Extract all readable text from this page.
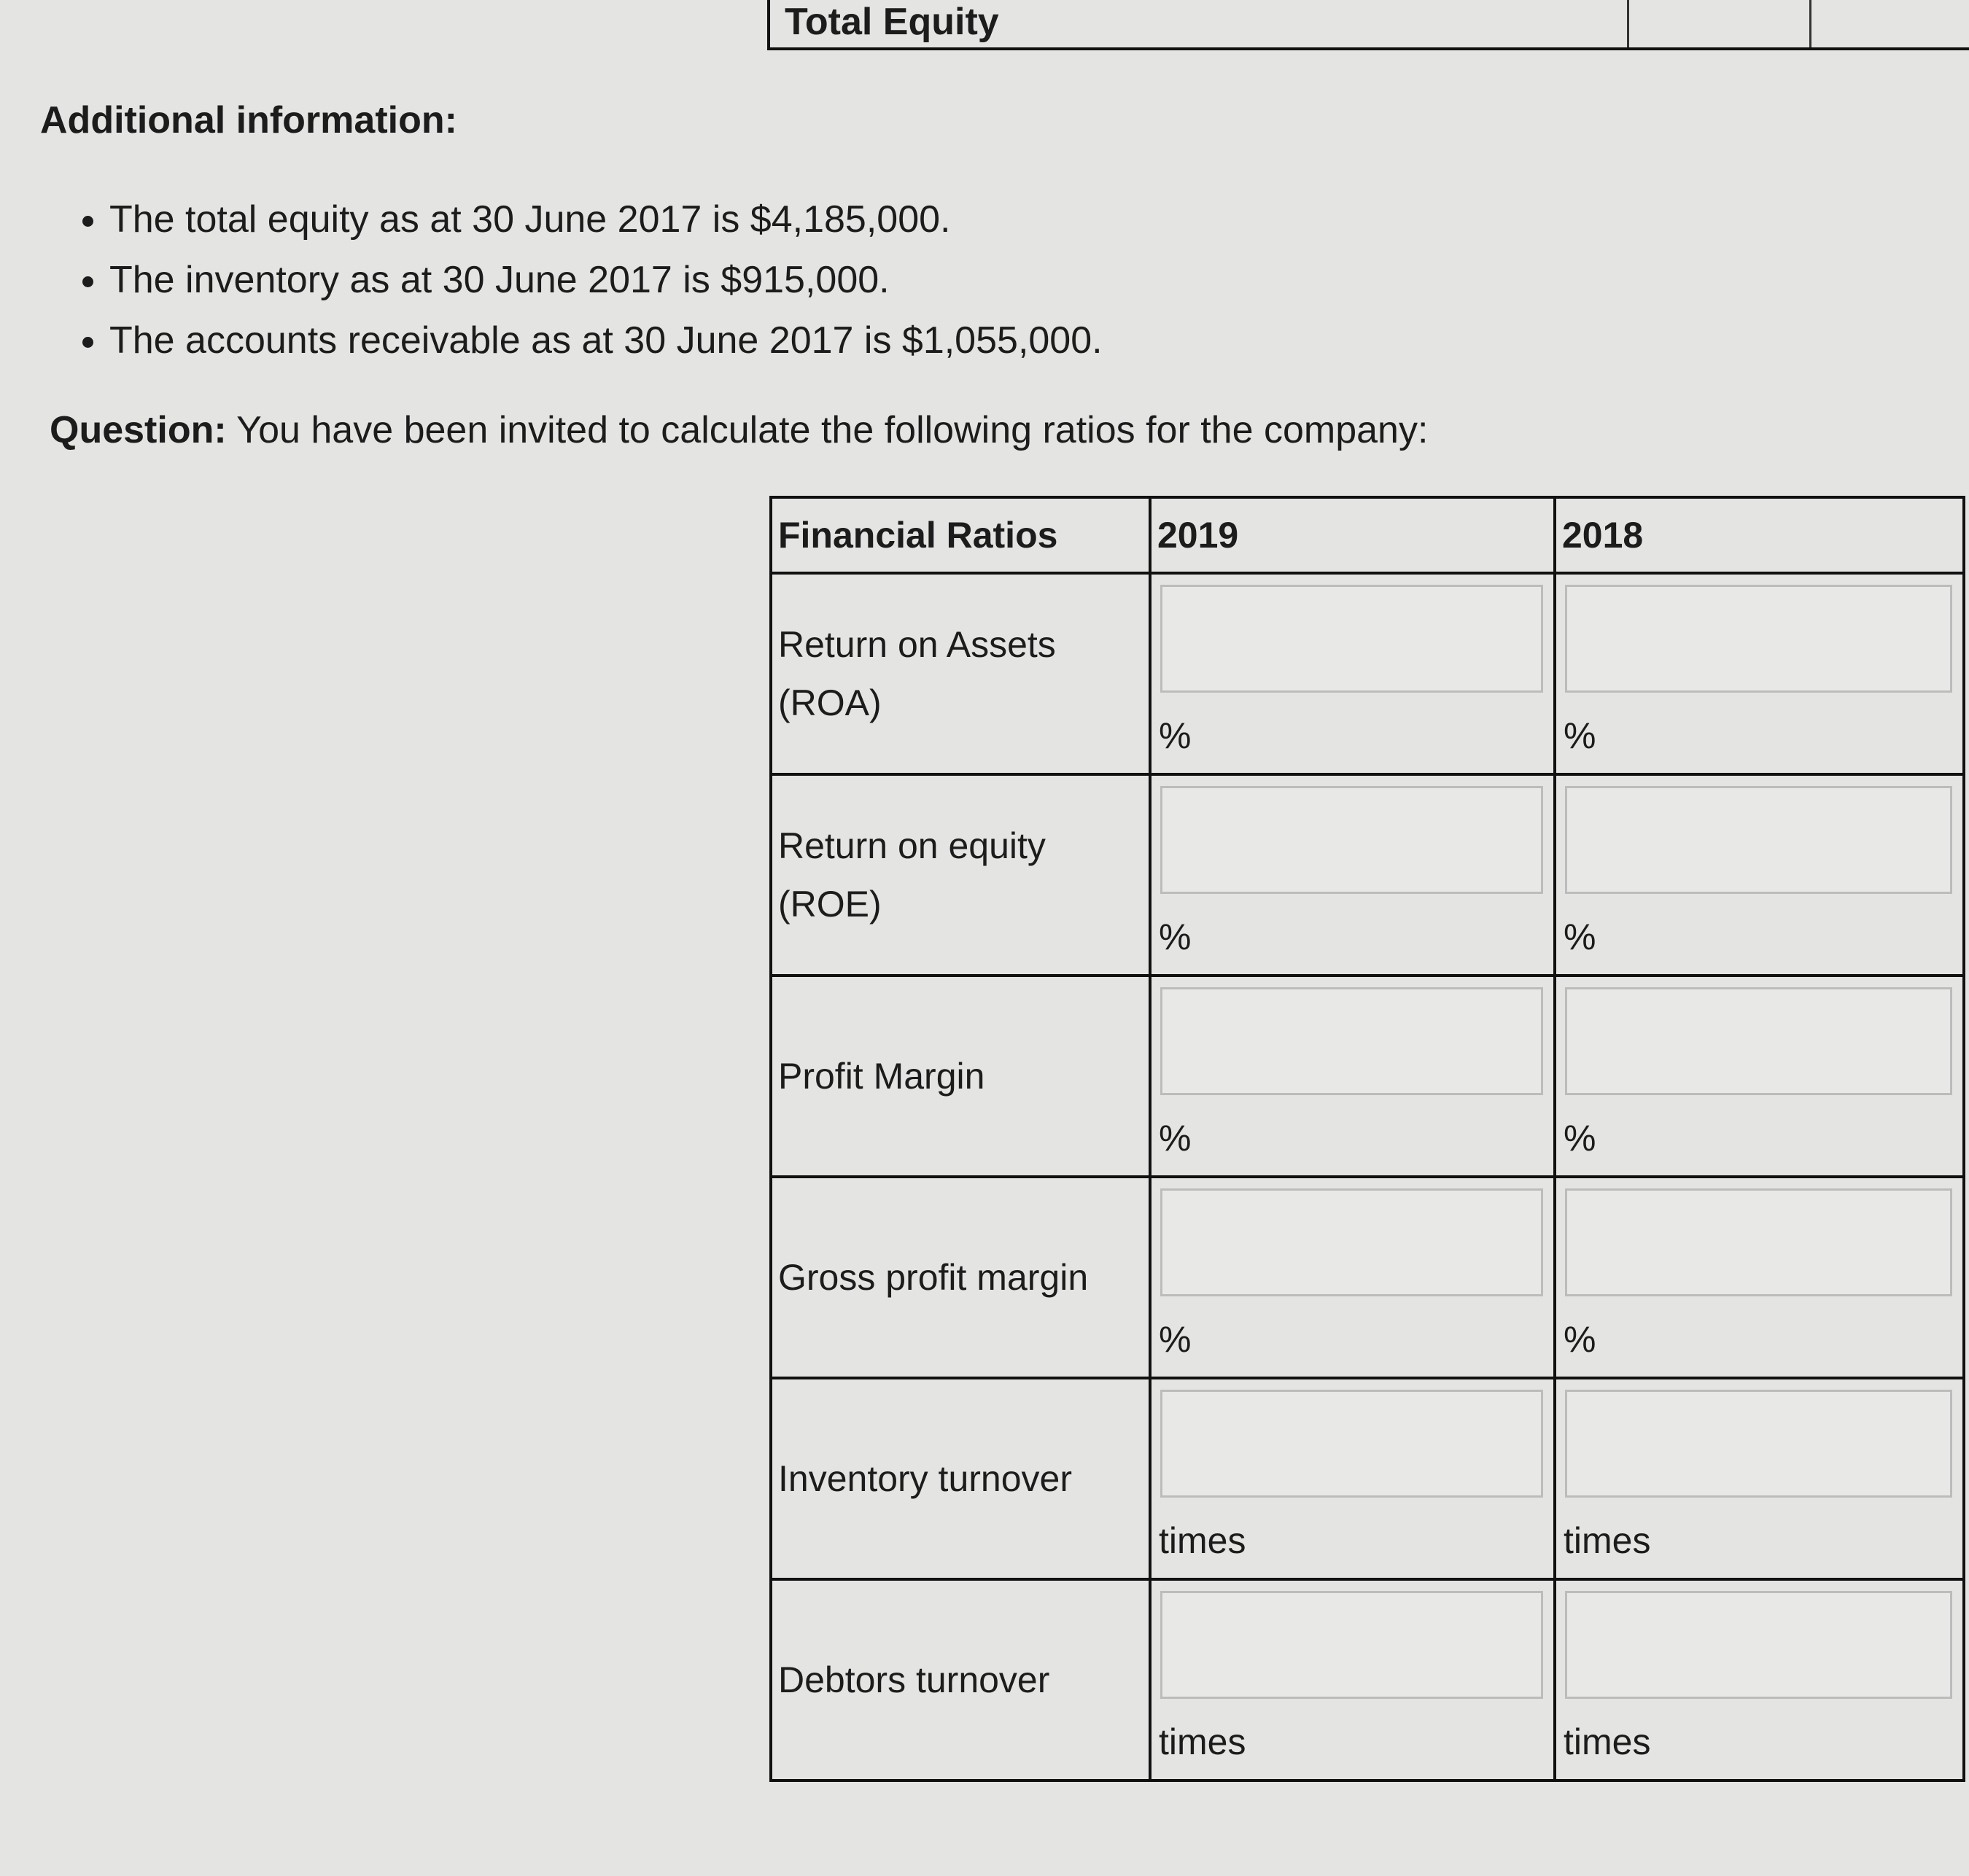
Total Equity
Additional information:
• The total equity as at 30 June 2017 is $4,185,000.
• The inventory as at 30 June 2017 is $915,000.
• The accounts receivable as at 30 June 2017 is $1,055,000.
Question: You have been invited to calculate the following ratios for the company:
Financial Ratios	2019	2018
Return on Assets (ROA)	%	%

Return on equity (ROE)	%	%

Profit Margin	%	%

Gross profit margin	%	%

Inventory turnover	times	times

Debtors turnover	times	times
